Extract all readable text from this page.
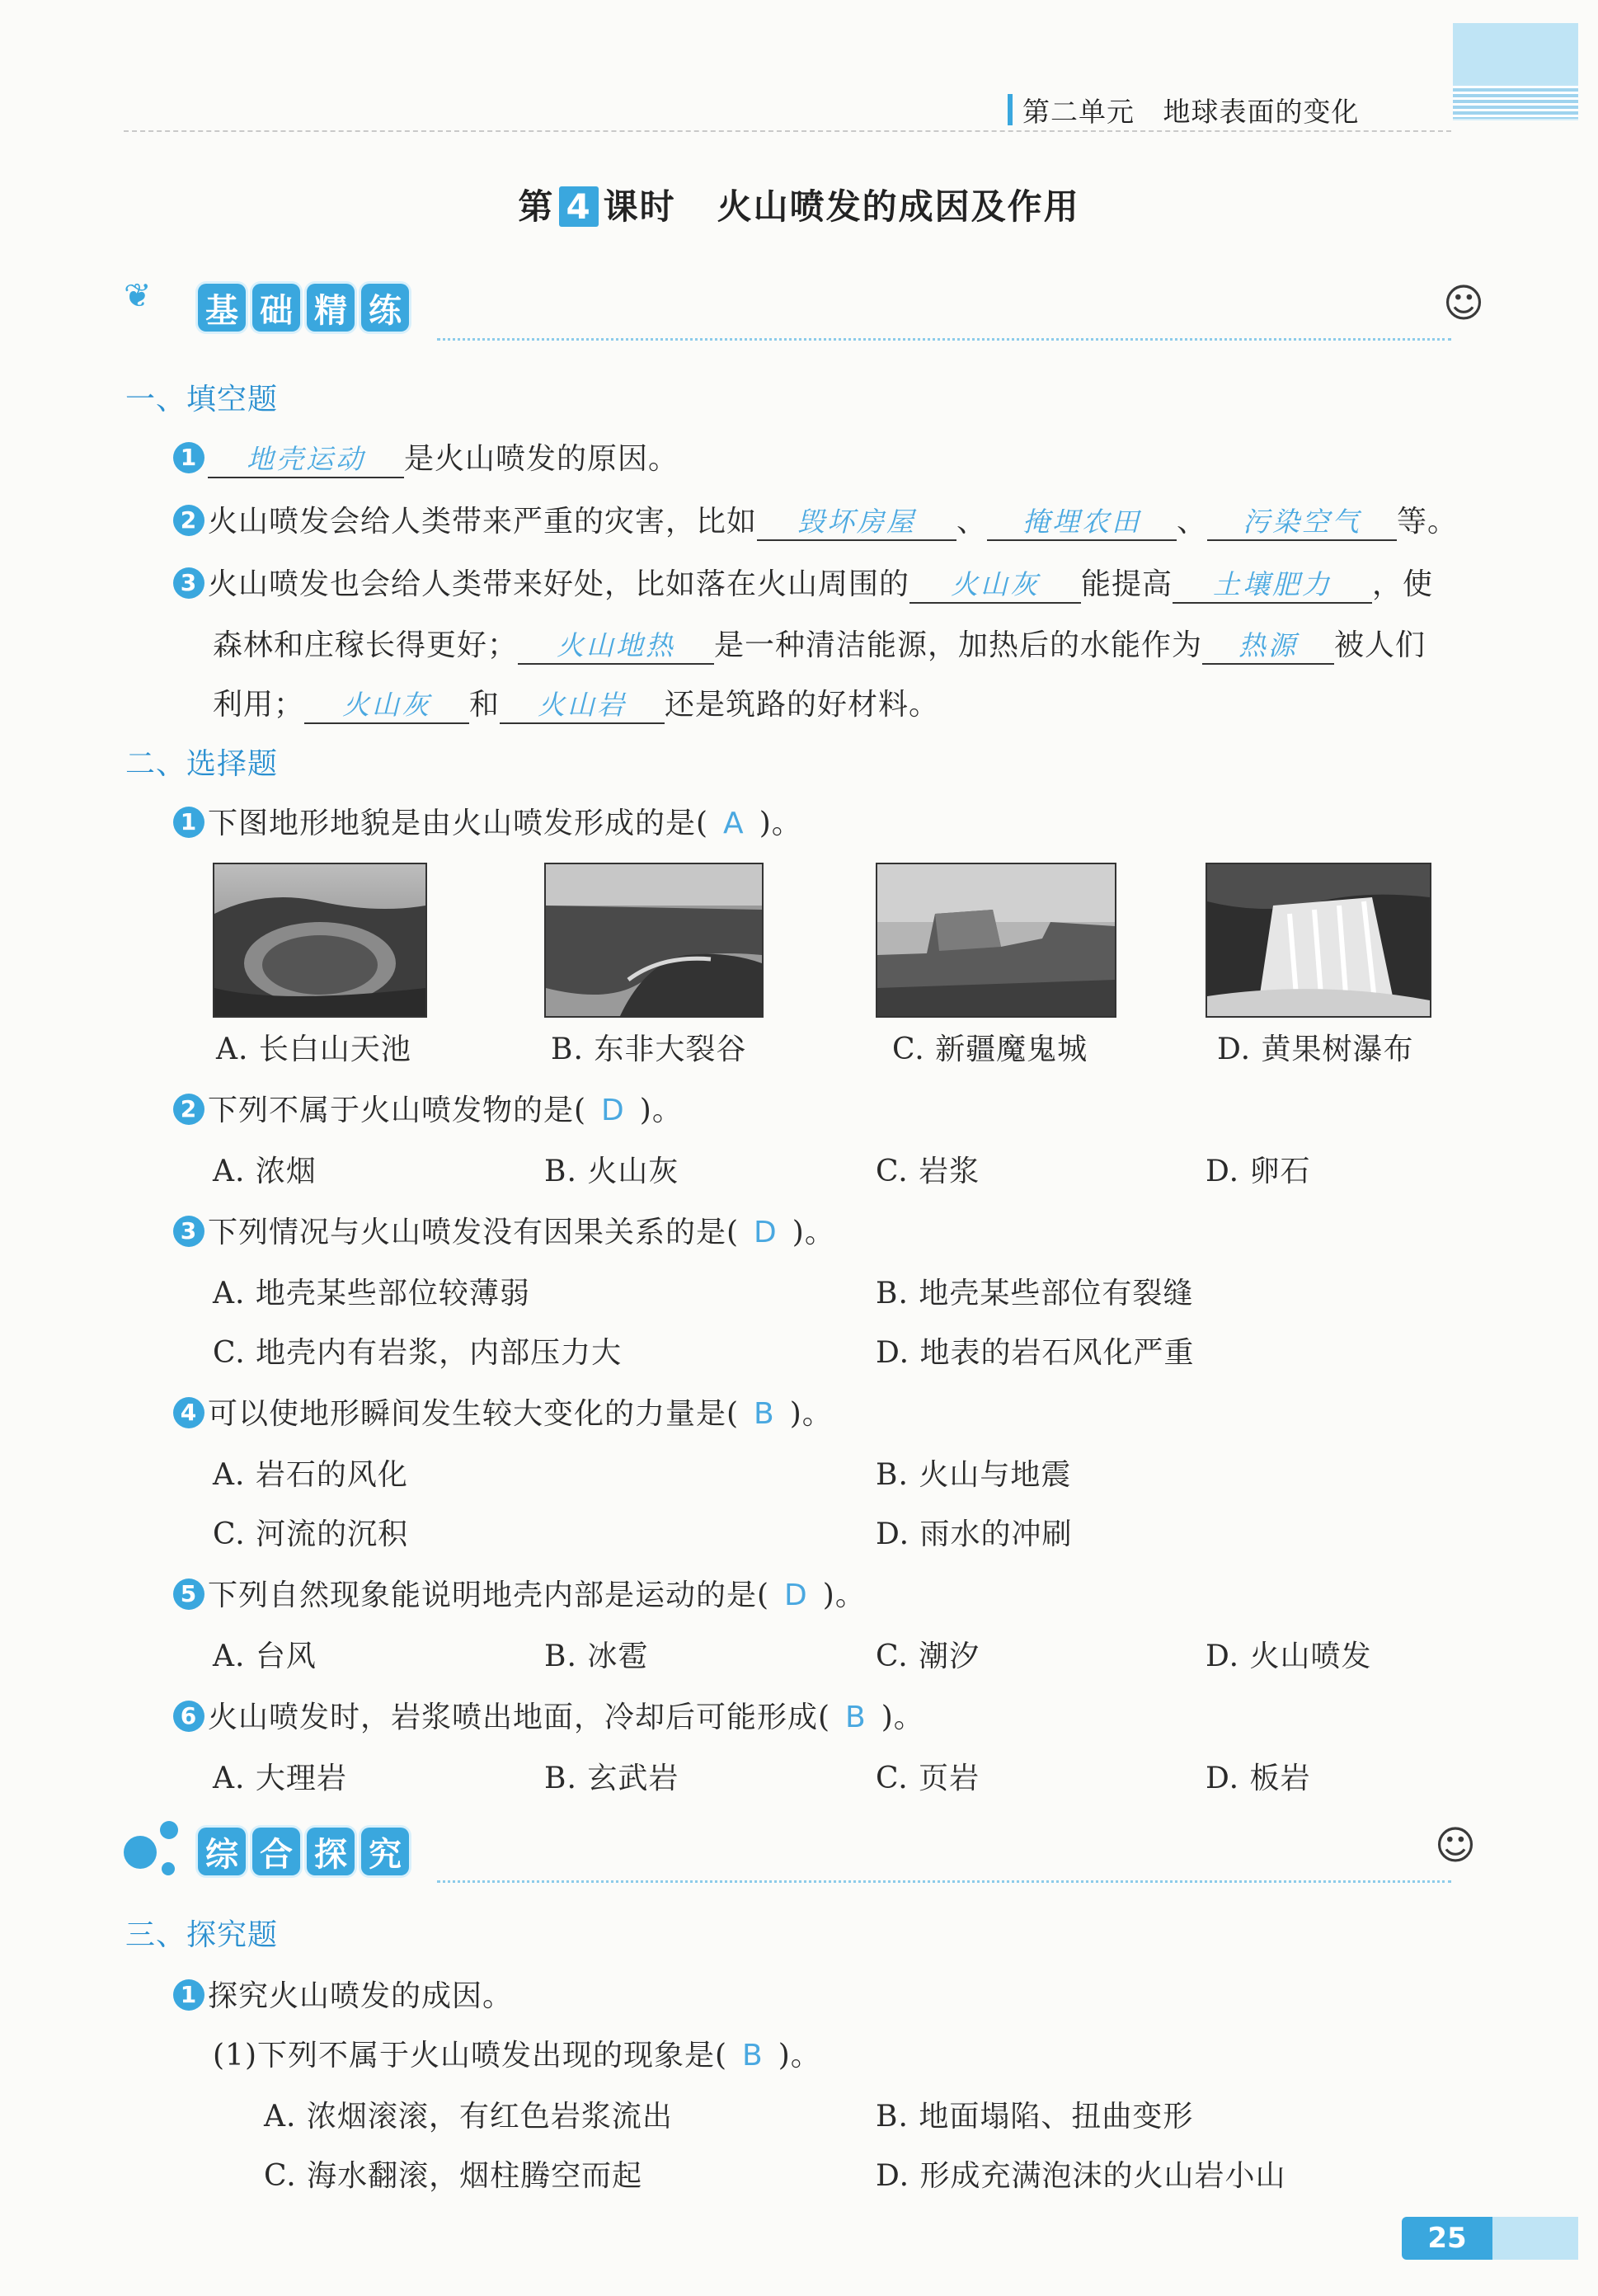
第二单元 地球表面的变化
第 4 课时 火山喷发的成因及作用
❦ 基 础 精 练	☺
一、填空题
1 地壳运动 是火山喷发的原因。
2 火山喷发会给人类带来严重的灾害，比如 毁坏房屋 、 掩埋农田 、 污染空气 等。
3 火山喷发也会给人类带来好处，比如落在火山周围的 火山灰 能提高 土壤肥力 ，使
森林和庄稼长得更好； 火山地热 是一种清洁能源，加热后的水能作为 热源 被人们
利用； 火山灰 和 火山岩 还是筑路的好材料。
二、选择题
1 下图地形地貌是由火山喷发形成的是( A )。
A. 长白山天池	B. 东非大裂谷	C. 新疆魔鬼城	D. 黄果树瀑布
2 下列不属于火山喷发物的是( D )。
A. 浓烟	B. 火山灰	C. 岩浆	D. 卵石
3 下列情况与火山喷发没有因果关系的是( D )。
A. 地壳某些部位较薄弱	B. 地壳某些部位有裂缝
C. 地壳内有岩浆，内部压力大	D. 地表的岩石风化严重
4 可以使地形瞬间发生较大变化的力量是( B )。
A. 岩石的风化	B. 火山与地震
C. 河流的沉积	D. 雨水的冲刷
5 下列自然现象能说明地壳内部是运动的是( D )。
A. 台风	B. 冰雹	C. 潮汐	D. 火山喷发
6 火山喷发时，岩浆喷出地面，冷却后可能形成( B )。
A. 大理岩	B. 玄武岩	C. 页岩	D. 板岩
综 合 探 究	☺
三、探究题
1 探究火山喷发的成因。
(1)下列不属于火山喷发出现的现象是( B )。
A. 浓烟滚滚，有红色岩浆流出	B. 地面塌陷、扭曲变形
C. 海水翻滚，烟柱腾空而起	D. 形成充满泡沫的火山岩小山
25
